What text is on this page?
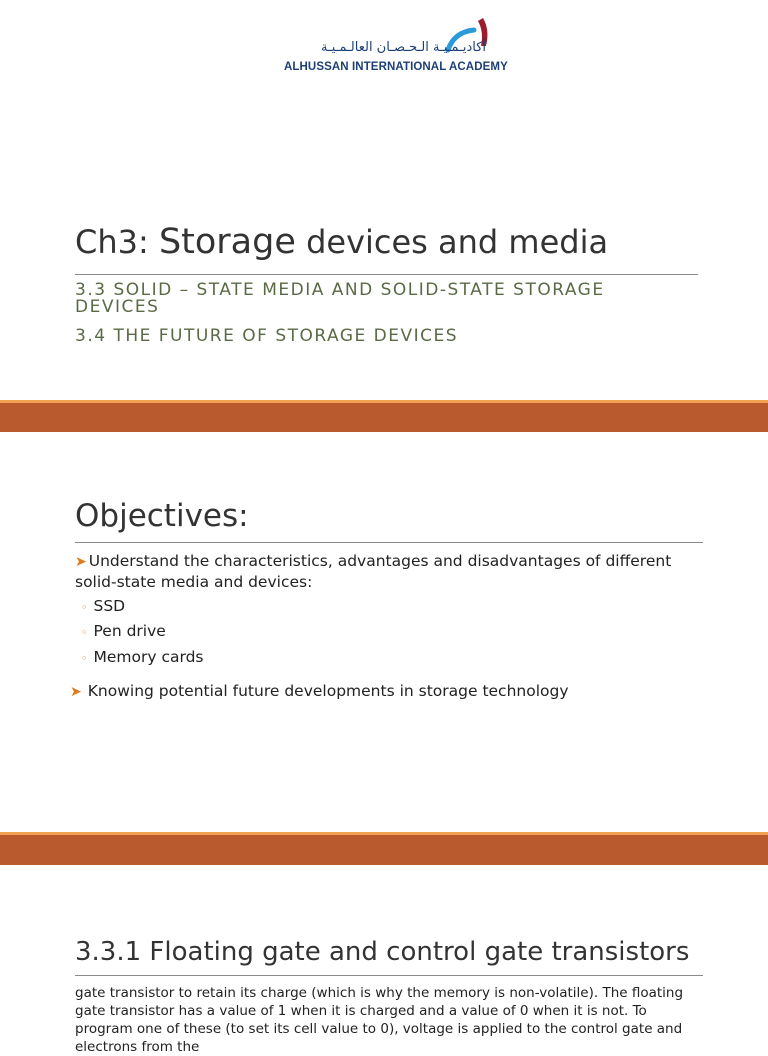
أكاديـمـيـة الـحـصـان العالـمـيـة
ALHUSSAN INTERNATIONAL ACADEMY
Ch3: Storage devices and media
3.3 SOLID – STATE MEDIA AND SOLID-STATE STORAGE DEVICES
3.4 THE FUTURE OF STORAGE DEVICES
Objectives:
➤ Understand the characteristics, advantages and disadvantages of different solid-state media and devices:
◦ SSD
◦ Pen drive
◦ Memory cards
➤ Knowing potential future developments in storage technology
3.3.1 Floating gate and control gate transistors
gate transistor to retain its charge (which is why the memory is non-volatile). The floating gate transistor has a value of 1 when it is charged and a value of 0 when it is not. To program one of these (to set its cell value to 0), voltage is applied to the control gate and electrons from the
